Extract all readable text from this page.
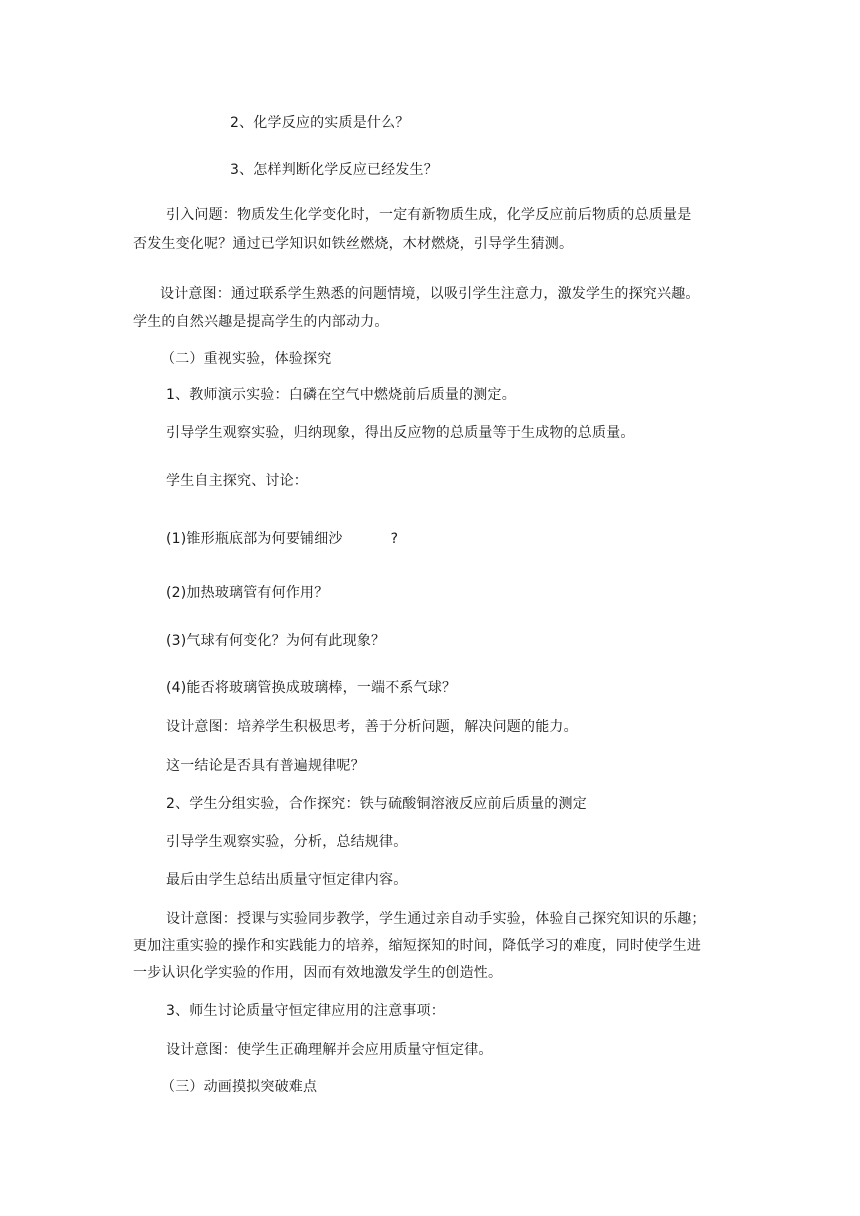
2、化学反应的实质是什么？
3、怎样判断化学反应已经发生？
引入问题：物质发生化学变化时，一定有新物质生成，化学反应前后物质的总质量是
否发生变化呢？通过已学知识如铁丝燃烧，木材燃烧，引导学生猜测。
设计意图：通过联系学生熟悉的问题情境，以吸引学生注意力，激发学生的探究兴趣。
学生的自然兴趣是提高学生的内部动力。
（二）重视实验，体验探究
1、教师演示实验：白磷在空气中燃烧前后质量的测定。
引导学生观察实验，归纳现象，得出反应物的总质量等于生成物的总质量。
学生自主探究、讨论：
(1)锥形瓶底部为何要铺细沙	?
(2)加热玻璃管有何作用？
(3)气球有何变化？为何有此现象？
(4)能否将玻璃管换成玻璃棒，一端不系气球？
设计意图：培养学生积极思考，善于分析问题，解决问题的能力。
这一结论是否具有普遍规律呢？
2、学生分组实验，合作探究：铁与硫酸铜溶液反应前后质量的测定
引导学生观察实验，分析，总结规律。
最后由学生总结出质量守恒定律内容。
设计意图：授课与实验同步教学，学生通过亲自动手实验，体验自己探究知识的乐趣；
更加注重实验的操作和实践能力的培养，缩短探知的时间，降低学习的难度，同时使学生进
一步认识化学实验的作用，因而有效地激发学生的创造性。
3、师生讨论质量守恒定律应用的注意事项：
设计意图：使学生正确理解并会应用质量守恒定律。
（三）动画摸拟突破难点
